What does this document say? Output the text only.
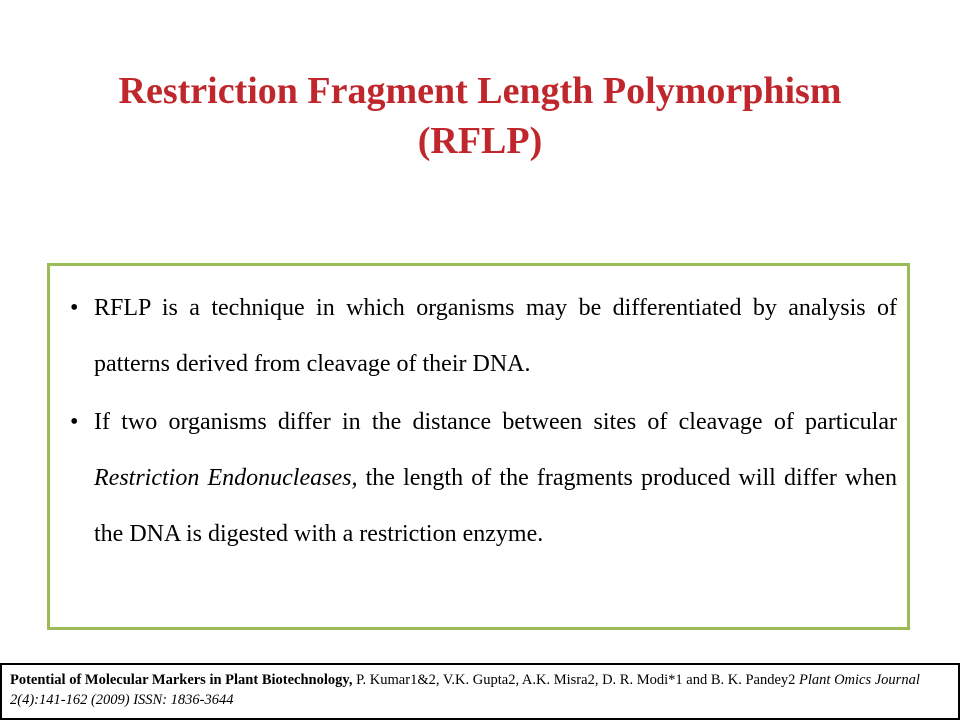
Restriction Fragment Length Polymorphism
(RFLP)
• RFLP is a technique in which organisms may be differentiated by analysis of patterns derived from cleavage of their DNA.
• If two organisms differ in the distance between sites of cleavage of particular Restriction Endonucleases, the length of the fragments produced will differ when the DNA is digested with a restriction enzyme.
Potential of Molecular Markers in Plant Biotechnology, P. Kumar1&2, V.K. Gupta2, A.K. Misra2, D. R. Modi*1 and B. K. Pandey2 Plant Omics Journal 2(4):141-162 (2009) ISSN: 1836-3644
